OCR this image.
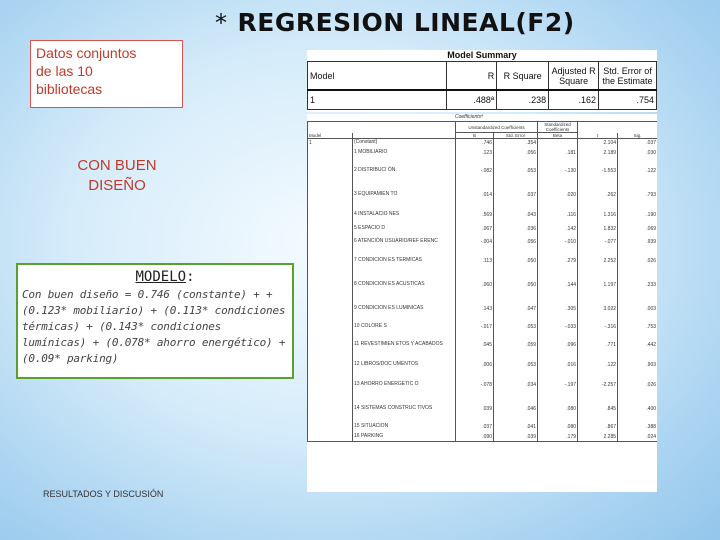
* REGRESION LINEAL(F2)
Datos conjuntos
de las 10
bibliotecas
CON BUEN
DISEÑO
MODELO:
Con buen diseño = 0.746 (constante) + +(0.123* mobiliario) + (0.113* condiciones térmicas) + (0.143* condiciones lumínicas) + (0.078* ahorro energético) + (0.09* parking)
RESULTADOS Y DISCUSIÓN
Model Summary
Model	R	R Square	Adjusted R Square	Std. Error of the Estimate
1	.488ª	.238	.162	.754
Coefficientsª
		Unstandardized Coefficients		Standardized Coefficients		
Model		B	Std. Error	Beta	t	Sig.
1	(Constant)	.746	.354		2.104	.037
	1 MOBILIARIO	.123	.056	.181	2.189	.030
	2 DISTRIBUCI ÓN	-.082	.053	-.130	-1.553	.122
	3 EQUIPAMIEN TO	.014	.037	.020	.262	.793
	4 INSTALACIO NES	.569	.043	.116	1.316	.190
	5 ESPACIO D	.067	.036	.142	1.832	.069
	6 ATENCIÓN USUARIO/REF ERENC	-.004	.056	-.010	-.077	.939
	7 CONDICION ES TERMICAS	.113	.050	.279	2.252	.026
	8 CONDICION ES ACUSTICAS	.060	.050	.144	1.197	.233
	9 CONDICION ES LUMINICAS	.143	.047	.305	3.022	.003
	10 COLORE S	-.017	.053	-.033	-.316	.753
	11 REVESTIMIEN ETOS Y ACABADOS	.045	.059	.096	.771	.442
	12 LIBROS/DOC UMENTOS	.006	.053	.016	.122	.903
	13 AHORRO ENERGETIC O	-.078	.034	-.197	-2.257	.026
	14 SISTEMAS CONSTRUC TIVOS	.039	.046	.080	.845	.400
	15 SITUACION	.037	.041	.080	.867	.388
	16 PARKING	.090	.039	.179	2.285	.024
